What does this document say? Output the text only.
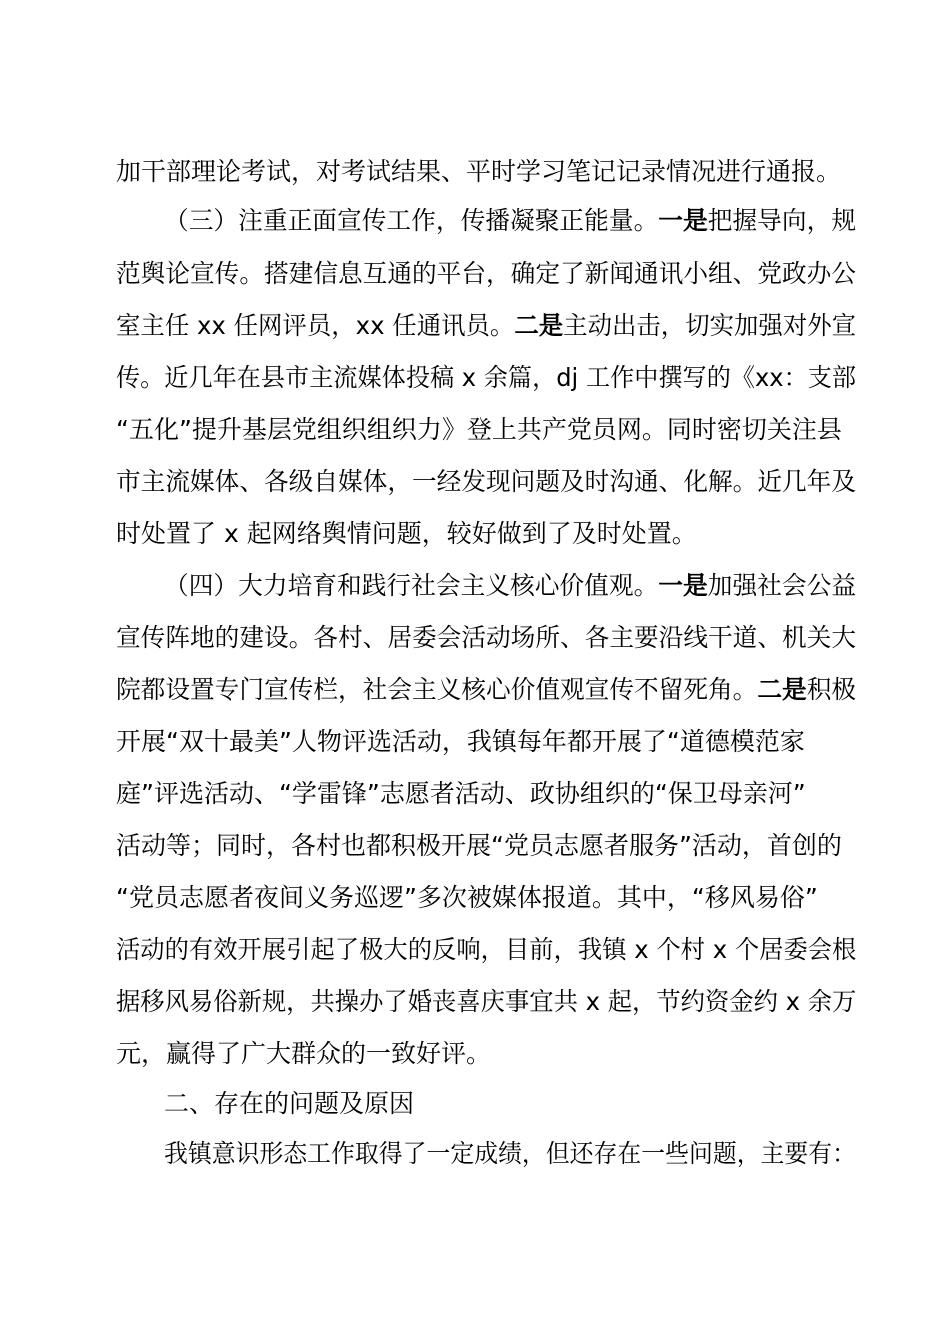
加干部理论考试，对考试结果、平时学习笔记记录情况进行通报。
（三）注重正面宣传工作，传播凝聚正能量。一是把握导向，规
范舆论宣传。搭建信息互通的平台，确定了新闻通讯小组、党政办公
室主任 xx 任网评员，xx 任通讯员。二是主动出击，切实加强对外宣
传。近几年在县市主流媒体投稿 x 余篇，dj 工作中撰写的《xx：支部
“五化”提升基层党组织组织力》登上共产党员网。同时密切关注县
市主流媒体、各级自媒体，一经发现问题及时沟通、化解。近几年及
时处置了 x 起网络舆情问题，较好做到了及时处置。
（四）大力培育和践行社会主义核心价值观。一是加强社会公益
宣传阵地的建设。各村、居委会活动场所、各主要沿线干道、机关大
院都设置专门宣传栏，社会主义核心价值观宣传不留死角。二是积极
开展“双十最美”人物评选活动，我镇每年都开展了“道德模范家
庭”评选活动、“学雷锋”志愿者活动、政协组织的“保卫母亲河”
活动等；同时，各村也都积极开展“党员志愿者服务”活动，首创的
“党员志愿者夜间义务巡逻”多次被媒体报道。其中，“移风易俗”
活动的有效开展引起了极大的反响，目前，我镇 x 个村 x 个居委会根
据移风易俗新规，共操办了婚丧喜庆事宜共 x 起，节约资金约 x 余万
元，赢得了广大群众的一致好评。
二、存在的问题及原因
我镇意识形态工作取得了一定成绩，但还存在一些问题，主要有：
